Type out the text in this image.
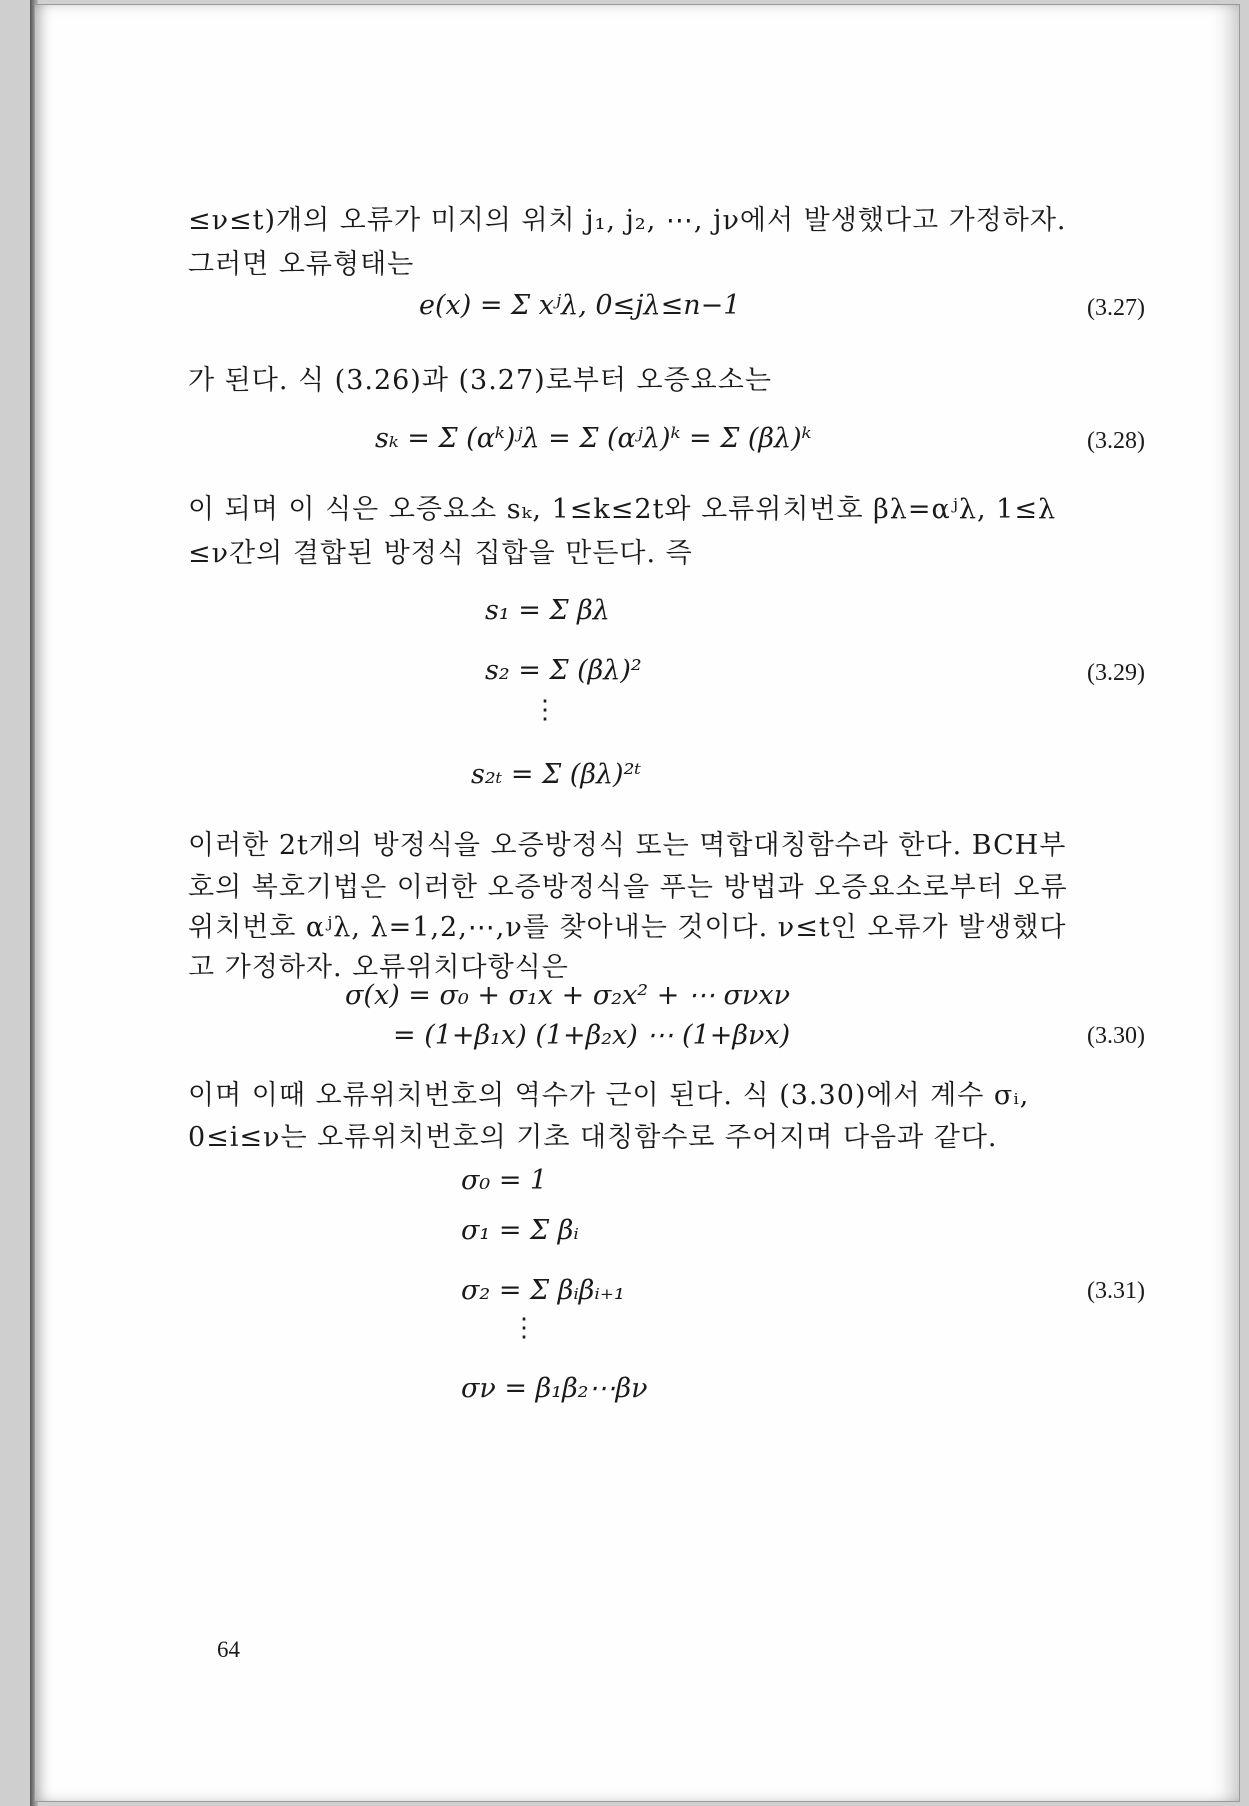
≤ν≤t)개의 오류가 미지의 위치 j₁, j₂, ⋯, jν에서 발생했다고 가정하자.
그러면 오류형태는
e(x) = Σ xʲλ, 0≤jλ≤n−1	(3.27)
가 된다. 식 (3.26)과 (3.27)로부터 오증요소는
sₖ = Σ (αᵏ)ʲλ = Σ (αʲλ)ᵏ = Σ (βλ)ᵏ	(3.28)
이 되며 이 식은 오증요소 sₖ, 1≤k≤2t와 오류위치번호 βλ=αʲλ, 1≤λ
≤ν간의 결합된 방정식 집합을 만든다. 즉
s₁ = Σ βλ
s₂ = Σ (βλ)²	(3.29)
⋮
s₂ₜ = Σ (βλ)²ᵗ
이러한 2t개의 방정식을 오증방정식 또는 멱합대칭함수라 한다. BCH부
호의 복호기법은 이러한 오증방정식을 푸는 방법과 오증요소로부터 오류
위치번호 αʲλ, λ=1,2,⋯,ν를 찾아내는 것이다. ν≤t인 오류가 발생했다
고 가정하자. 오류위치다항식은
σ(x) = σ₀ + σ₁x + σ₂x² + ⋯ σνxν
= (1+β₁x) (1+β₂x) ⋯ (1+βνx)	(3.30)
이며 이때 오류위치번호의 역수가 근이 된다. 식 (3.30)에서 계수 σᵢ,
0≤i≤ν는 오류위치번호의 기초 대칭함수로 주어지며 다음과 같다.
σ₀ = 1
σ₁ = Σ βᵢ
σ₂ = Σ βᵢβᵢ₊₁	(3.31)
⋮
σν = β₁β₂⋯βν
64
